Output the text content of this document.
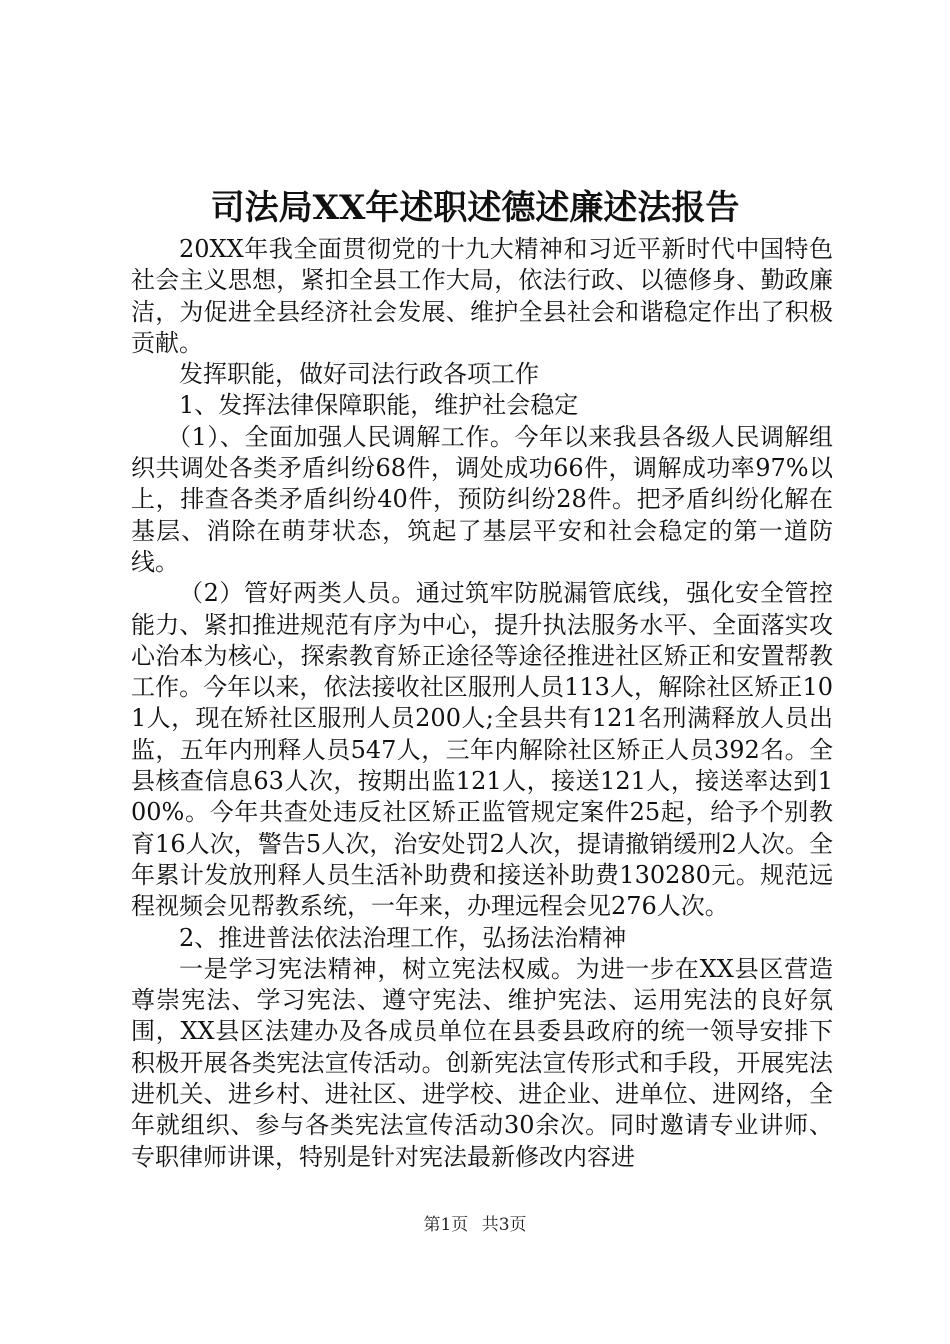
司法局XX年述职述德述廉述法报告

20XX年我全面贯彻党的十九大精神和习近平新时代中国特色社会主义思想，紧扣全县工作大局，依法行政、以德修身、勤政廉洁，为促进全县经济社会发展、维护全县社会和谐稳定作出了积极贡献。

发挥职能，做好司法行政各项工作

1、发挥法律保障职能，维护社会稳定

（1）、全面加强人民调解工作。今年以来我县各级人民调解组织共调处各类矛盾纠纷68件，调处成功66件，调解成功率97%以上，排查各类矛盾纠纷40件，预防纠纷28件。把矛盾纠纷化解在基层、消除在萌芽状态，筑起了基层平安和社会稳定的第一道防线。

（2）管好两类人员。通过筑牢防脱漏管底线，强化安全管控能力、紧扣推进规范有序为中心，提升执法服务水平、全面落实攻心治本为核心，探索教育矫正途径等途径推进社区矫正和安置帮教工作。今年以来，依法接收社区服刑人员113人，解除社区矫正101人，现在矫社区服刑人员200人;全县共有121名刑满释放人员出监，五年内刑释人员547人，三年内解除社区矫正人员392名。全县核查信息63人次，按期出监121人，接送121人，接送率达到100%。今年共查处违反社区矫正监管规定案件25起，给予个别教育16人次，警告5人次，治安处罚2人次，提请撤销缓刑2人次。全年累计发放刑释人员生活补助费和接送补助费130280元。规范远程视频会见帮教系统，一年来，办理远程会见276人次。

2、推进普法依法治理工作，弘扬法治精神

一是学习宪法精神，树立宪法权威。为进一步在XX县区营造尊崇宪法、学习宪法、遵守宪法、维护宪法、运用宪法的良好氛围，XX县区法建办及各成员单位在县委县政府的统一领导安排下积极开展各类宪法宣传活动。创新宪法宣传形式和手段，开展宪法进机关、进乡村、进社区、进学校、进企业、进单位、进网络，全年就组织、参与各类宪法宣传活动30余次。同时邀请专业讲师、专职律师讲课，特别是针对宪法最新修改内容进

第1页 共3页
